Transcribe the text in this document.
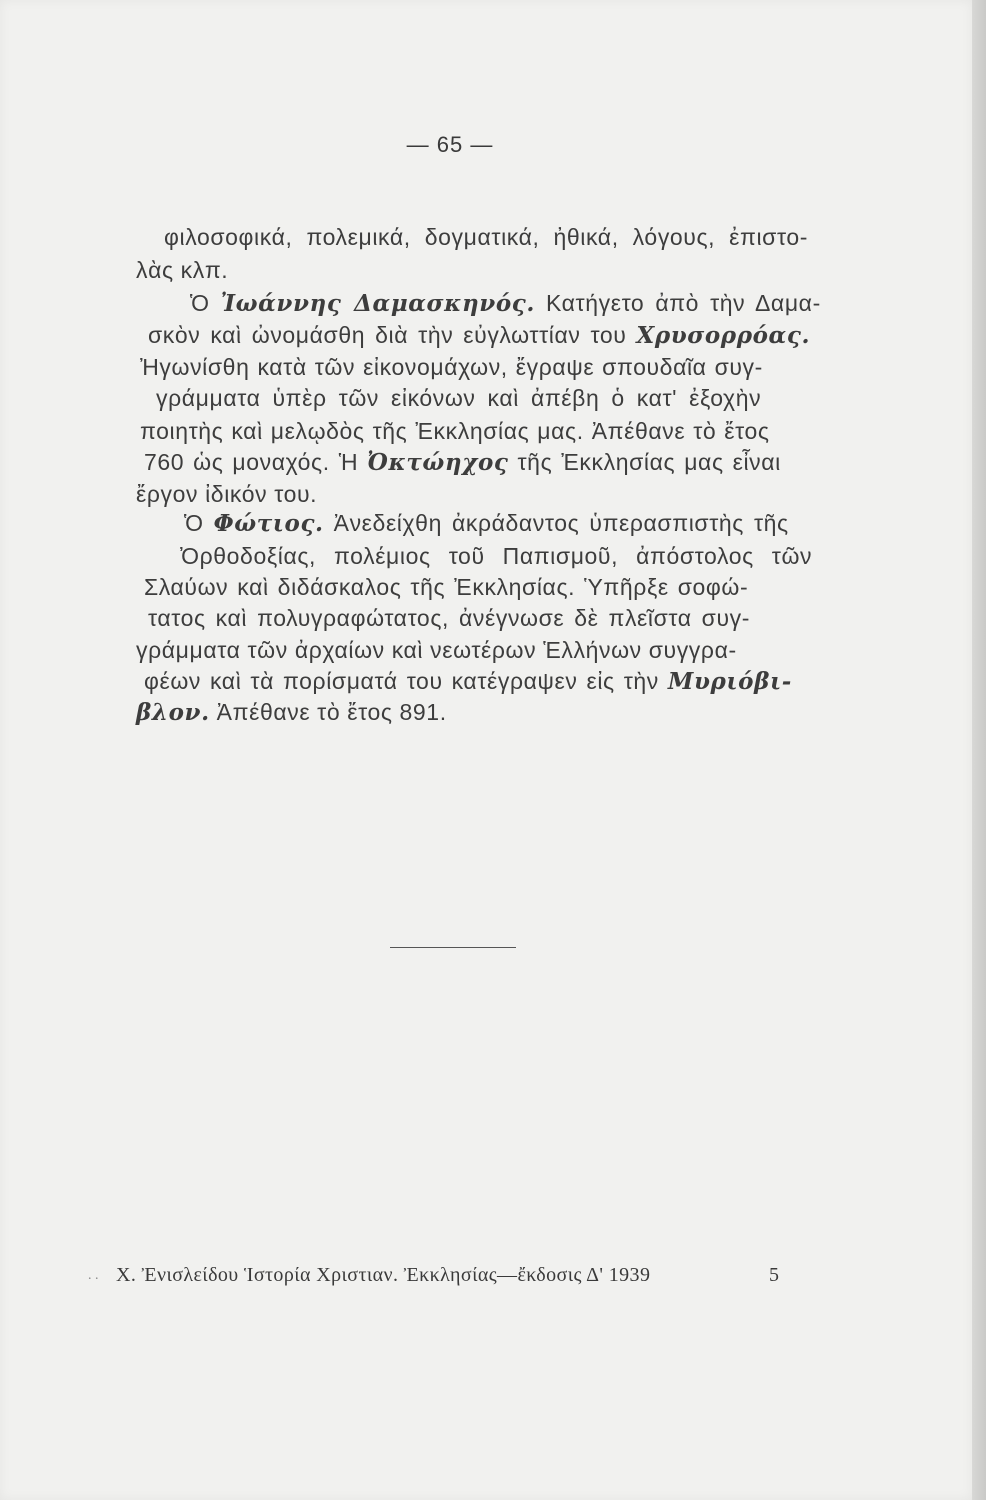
— 65 —

φιλοσοφικά, πολεμικά, δογματικά, ἠθικά, λόγους, ἐπιστο-

λὰς κλπ.

Ὁ Ἰωάννης Δαμασκηνός. Κατήγετο ἀπὸ τὴν Δαμα-

σκὸν καὶ ὠνομάσθη διὰ τὴν εὐγλωττίαν του Χρυσορρόας.

Ἠγωνίσθη κατὰ τῶν εἰκονομάχων, ἔγραψε σπουδαῖα συγ-

γράμματα ὑπὲρ τῶν εἰκόνων καὶ ἀπέβη ὁ κατ' ἐξοχὴν

ποιητὴς καὶ μελῳδὸς τῆς Ἐκκλησίας μας. Ἀπέθανε τὸ ἔτος

760 ὡς μοναχός. Ἡ Ὀκτώηχος τῆς Ἐκκλησίας μας εἶναι

ἔργον ἰδικόν του.

Ὁ Φώτιος. Ἀνεδείχθη ἀκράδαντος ὑπερασπιστὴς τῆς

Ὀρθοδοξίας, πολέμιος τοῦ Παπισμοῦ, ἀπόστολος τῶν

Σλαύων καὶ διδάσκαλος τῆς Ἐκκλησίας. Ὑπῆρξε σοφώ-

τατος καὶ πολυγραφώτατος, ἀνέγνωσε δὲ πλεῖστα συγ-

γράμματα τῶν ἀρχαίων καὶ νεωτέρων Ἑλλήνων συγγρα-

φέων καὶ τὰ πορίσματά του κατέγραψεν εἰς τὴν Μυριόβι-

βλον. Ἀπέθανε τὸ ἔτος 891.

. . Χ. Ἐνισλείδου Ἱστορία Χριστιαν. Ἐκκλησίας—ἔκδοσις Δ' 1939	5
